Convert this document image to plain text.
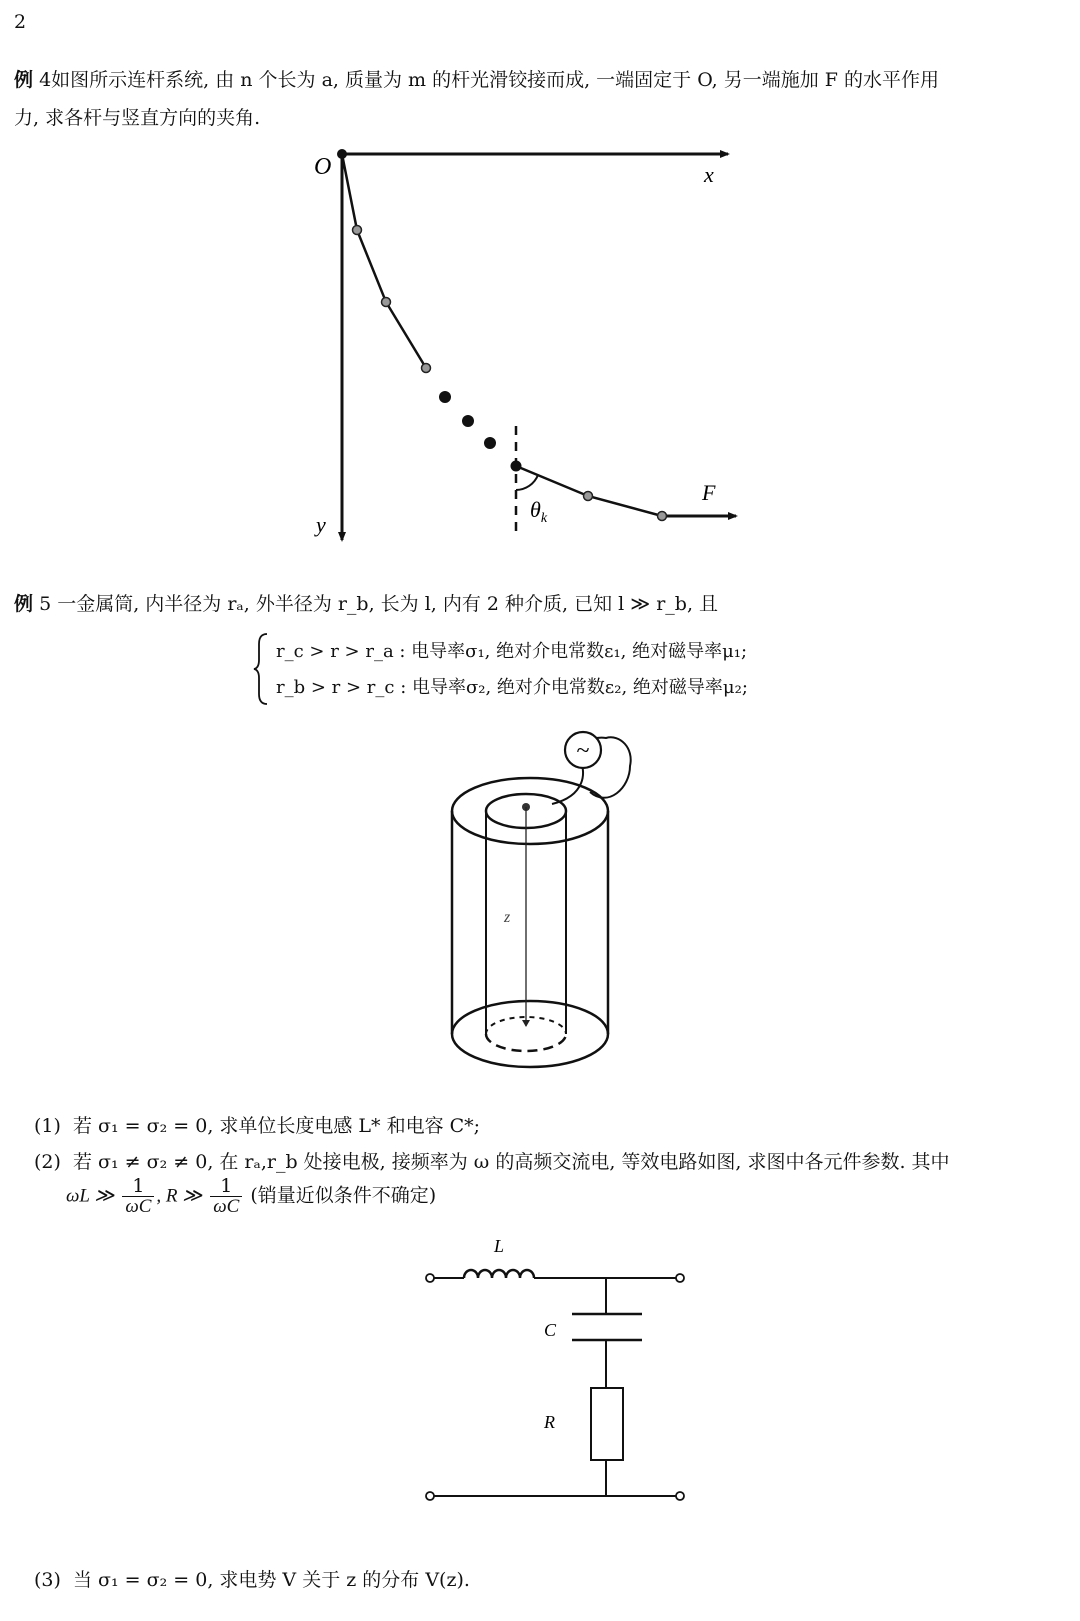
2
例 4如图所示连杆系统, 由 n 个长为 a, 质量为 m 的杆光滑铰接而成, 一端固定于 O, 另一端施加 F 的水平作用
力, 求各杆与竖直方向的夹角.
O	x
y
F
$\theta_k$
例 5 一金属筒, 内半径为 rₐ, 外半径为 r_b, 长为 l, 内有 2 种介质, 已知 l ≫ r_b, 且
r_c > r > r_a : 电导率σ₁, 绝对介电常数ε₁, 绝对磁导率μ₁;
r_b > r > r_c : 电导率σ₂, 绝对介电常数ε₂, 绝对磁导率μ₂;
z
~
(1) 若 σ₁ = σ₂ = 0, 求单位长度电感 L* 和电容 C*;
(2) 若 σ₁ ≠ σ₂ ≠ 0, 在 rₐ,r_b 处接电极, 接频率为 ω 的高频交流电, 等效电路如图, 求图中各元件参数. 其中
ωL ≫ $\frac{1}{\omega C}$ , R ≫ $\frac{1}{\omega C}$ (销量近似条件不确定)
L
C
R
(3) 当 σ₁ = σ₂ = 0, 求电势 V 关于 z 的分布 V(z).
